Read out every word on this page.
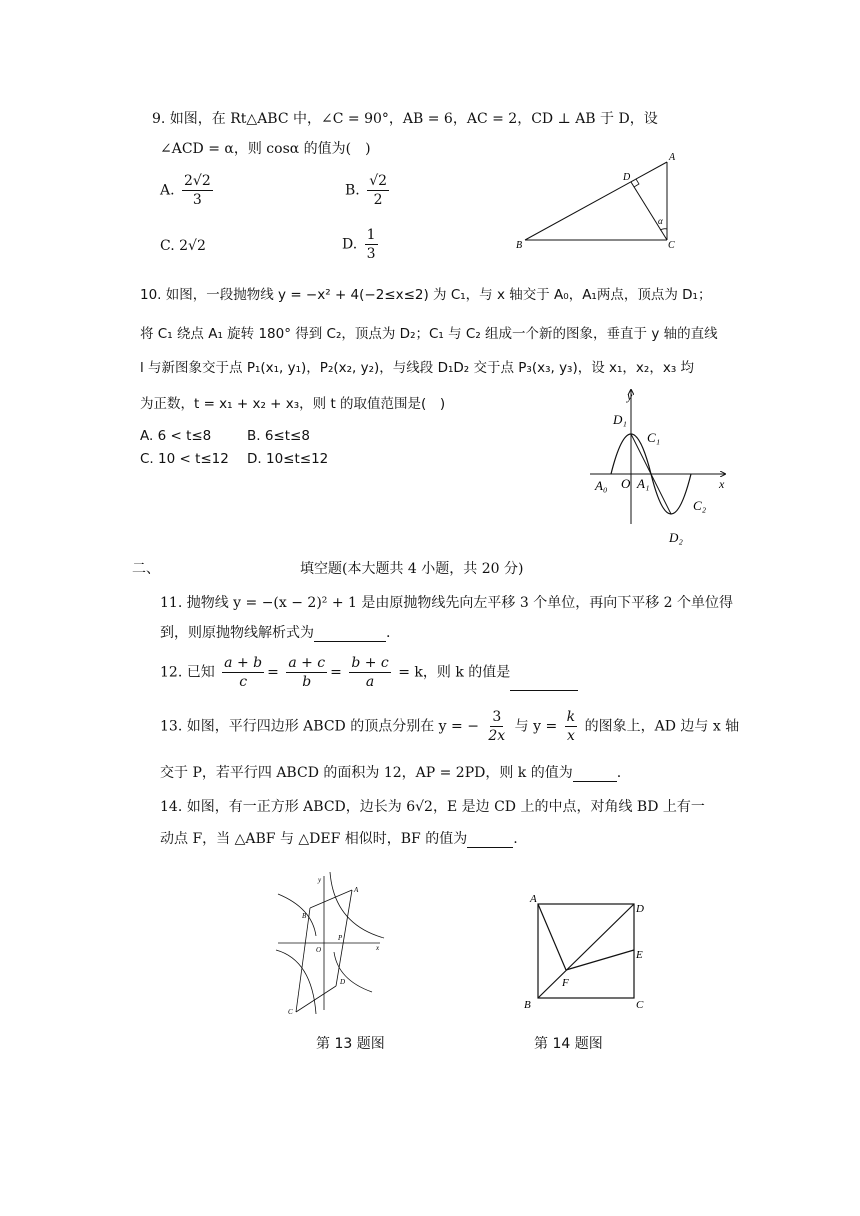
9. 如图，在 Rt△ABC 中，∠C = 90°，AB = 6，AC = 2，CD ⊥ AB 于 D，设
∠ACD = α，则 cosα 的值为(　)
A. $\frac{2√2}{3}$	B. $\frac{√2}{2}$
C. 2√2	D. $\frac{1}{3}$
A
B	C
D
α
10. 如图，一段抛物线 y = −x² + 4(−2≤x≤2) 为 C₁，与 x 轴交于 A₀，A₁两点，顶点为 D₁；
将 C₁ 绕点 A₁ 旋转 180° 得到 C₂，顶点为 D₂；C₁ 与 C₂ 组成一个新的图象，垂直于 y 轴的直线
l 与新图象交于点 P₁(x₁, y₁)，P₂(x₂, y₂)，与线段 D₁D₂ 交于点 P₃(x₃, y₃)，设 x₁，x₂，x₃ 均
为正数，t = x₁ + x₂ + x₃，则 t 的取值范围是(　)
A. 6 < t≤8	B. 6≤t≤8
C. 10 < t≤12 D. 10≤t≤12
y
x
D₁
C₁
A₀ O A₁
C₂
D₂
二、	填空题(本大题共 4 小题，共 20 分)
11. 抛物线 y = −(x − 2)² + 1 是由原抛物线先向左平移 3 个单位，再向下平移 2 个单位得
到，则原抛物线解析式为	.
12. 已知 $\frac{a + b}{c} = \frac{a + c}{b} = \frac{b + c}{a} = k$，则 k 的值是
13. 如图，平行四边形 ABCD 的顶点分别在 y = − $\frac{3}{2x}$ 与 $y = \frac{k}{x}$ 的图象上，AD 边与 x 轴
交于 P，若平行四 ABCD 的面积为 12，AP = 2PD，则 k 的值为	.
14. 如图，有一正方形 ABCD，边长为 6√2，E 是边 CD 上的中点，对角线 BD 上有一
动点 F，当 △ABF 与 △DEF 相似时，BF 的值为	.
y
A
B
O
P
x
C
D
A
D
E
F
B	C
第 13 题图	第 14 题图
